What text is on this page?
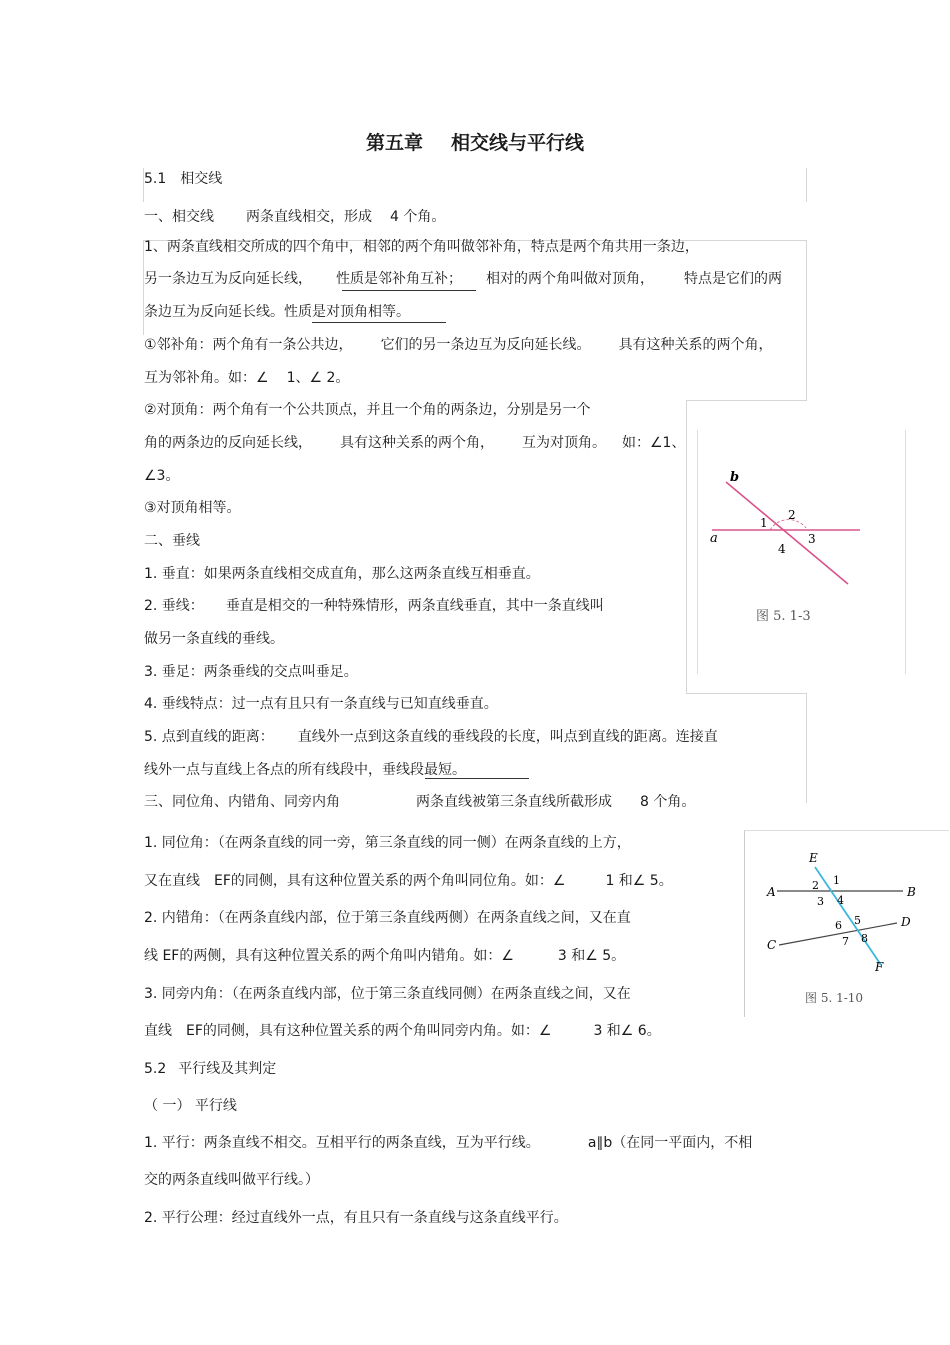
第五章 相交线与平行线
5.1 相交线
一、相交线 两条直线相交，形成 4 个角。
1、两条直线相交所成的四个角中，相邻的两个角叫做邻补角，特点是两个角共用一条边，
另一条边互为反向延长线， 性质是邻补角互补； 相对的两个角叫做对顶角， 特点是它们的两
条边互为反向延长线。性质是对顶角相等。
①邻补角：两个角有一条公共边， 它们的另一条边互为反向延长线。 具有这种关系的两个角，
互为邻补角。如：∠ 1、∠ 2。
②对顶角：两个角有一个公共顶点，并且一个角的两条边，分别是另一个
角的两条边的反向延长线， 具有这种关系的两个角， 互为对顶角。 如：∠1、
∠3。
③对顶角相等。
二、垂线
1. 垂直：如果两条直线相交成直角，那么这两条直线互相垂直。
2. 垂线： 垂直是相交的一种特殊情形，两条直线垂直，其中一条直线叫
做另一条直线的垂线。
3. 垂足：两条垂线的交点叫垂足。
4. 垂线特点：过一点有且只有一条直线与已知直线垂直。
5. 点到直线的距离： 直线外一点到这条直线的垂线段的长度，叫点到直线的距离。连接直
线外一点与直线上各点的所有线段中，垂线段最短。
三、同位角、内错角、同旁内角	两条直线被第三条直线所截形成 8 个角。
1. 同位角：（在两条直线的同一旁，第三条直线的同一侧）在两条直线的上方，
又在直线 EF的同侧，具有这种位置关系的两个角叫同位角。如：∠	1 和∠ 5。
2. 内错角：（在两条直线内部，位于第三条直线两侧）在两条直线之间，又在直
线 EF的两侧，具有这种位置关系的两个角叫内错角。如：∠	3 和∠ 5。
3. 同旁内角：（在两条直线内部，位于第三条直线同侧）在两条直线之间，又在
直线 EF的同侧，具有这种位置关系的两个角叫同旁内角。如：∠	3 和∠ 6。
5.2 平行线及其判定
（ 一） 平行线
1. 平行：两条直线不相交。互相平行的两条直线，互为平行线。	a∥b（在同一平面内，不相
交的两条直线叫做平行线。）
2. 平行公理：经过直线外一点，有且只有一条直线与这条直线平行。
b
a
1
2
3
4
图 5. 1-3
E
F
A	B
C
D
1
2
3 4
5
6
7 8
图 5. 1-10
